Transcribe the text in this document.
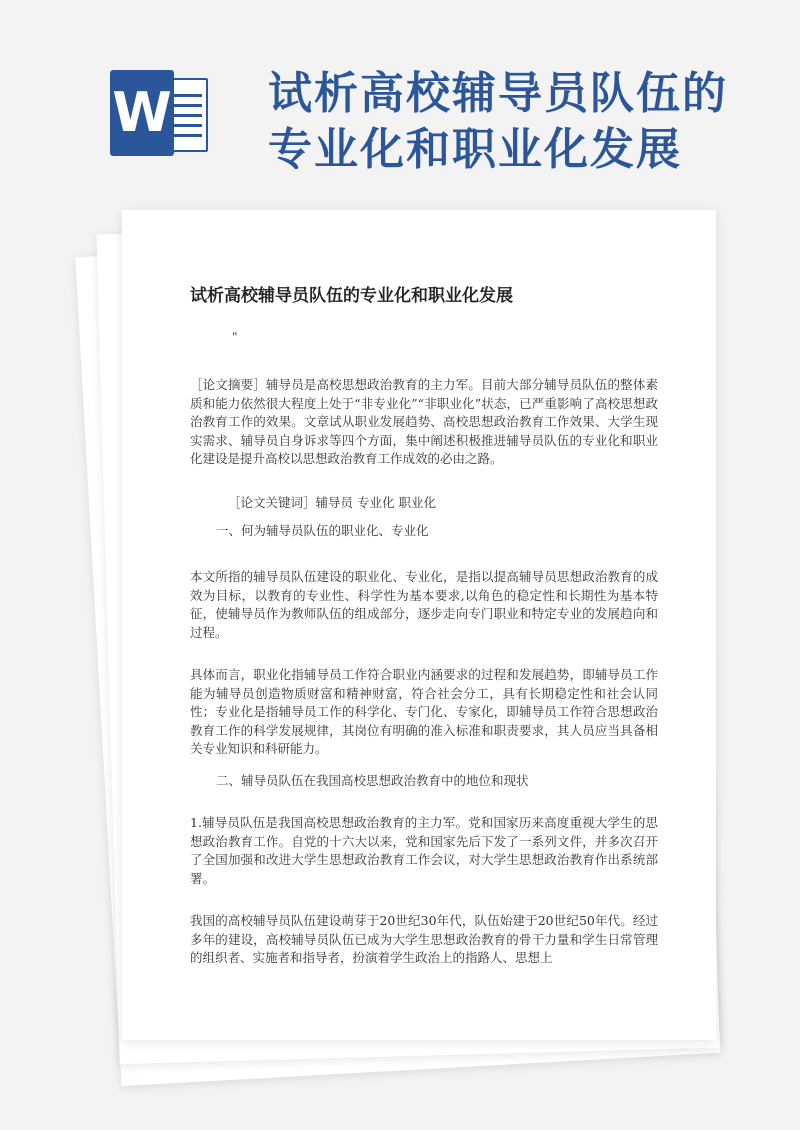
W 试析高校辅导员队伍的
专业化和职业化发展
试析高校辅导员队伍的专业化和职业化发展
"

［论文摘要］辅导员是高校思想政治教育的主力军。目前大部分辅导员队伍的整体素质和能力依然很大程度上处于“非专业化”“非职业化”状态，已严重影响了高校思想政治教育工作的效果。文章试从职业发展趋势、高校思想政治教育工作效果、大学生现实需求、辅导员自身诉求等四个方面，集中阐述积极推进辅导员队伍的专业化和职业化建设是提升高校以思想政治教育工作成效的必由之路。

［论文关键词］辅导员 专业化 职业化

一、何为辅导员队伍的职业化、专业化

本文所指的辅导员队伍建设的职业化、专业化，是指以提高辅导员思想政治教育的成效为目标，以教育的专业性、科学性为基本要求,以角色的稳定性和长期性为基本特征，使辅导员作为教师队伍的组成部分，逐步走向专门职业和特定专业的发展趋向和过程。

具体而言，职业化指辅导员工作符合职业内涵要求的过程和发展趋势，即辅导员工作能为辅导员创造物质财富和精神财富，符合社会分工，具有长期稳定性和社会认同性；专业化是指辅导员工作的科学化、专门化、专家化，即辅导员工作符合思想政治教育工作的科学发展规律，其岗位有明确的准入标准和职责要求，其人员应当具备相关专业知识和科研能力。

二、辅导员队伍在我国高校思想政治教育中的地位和现状

1.辅导员队伍是我国高校思想政治教育的主力军。党和国家历来高度重视大学生的思想政治教育工作。自党的十六大以来，党和国家先后下发了一系列文件，并多次召开了全国加强和改进大学生思想政治教育工作会议，对大学生思想政治教育作出系统部署。

我国的高校辅导员队伍建设萌芽于20世纪30年代，队伍始建于20世纪50年代。经过多年的建设，高校辅导员队伍已成为大学生思想政治教育的骨干力量和学生日常管理的组织者、实施者和指导者，扮演着学生政治上的指路人、思想上
